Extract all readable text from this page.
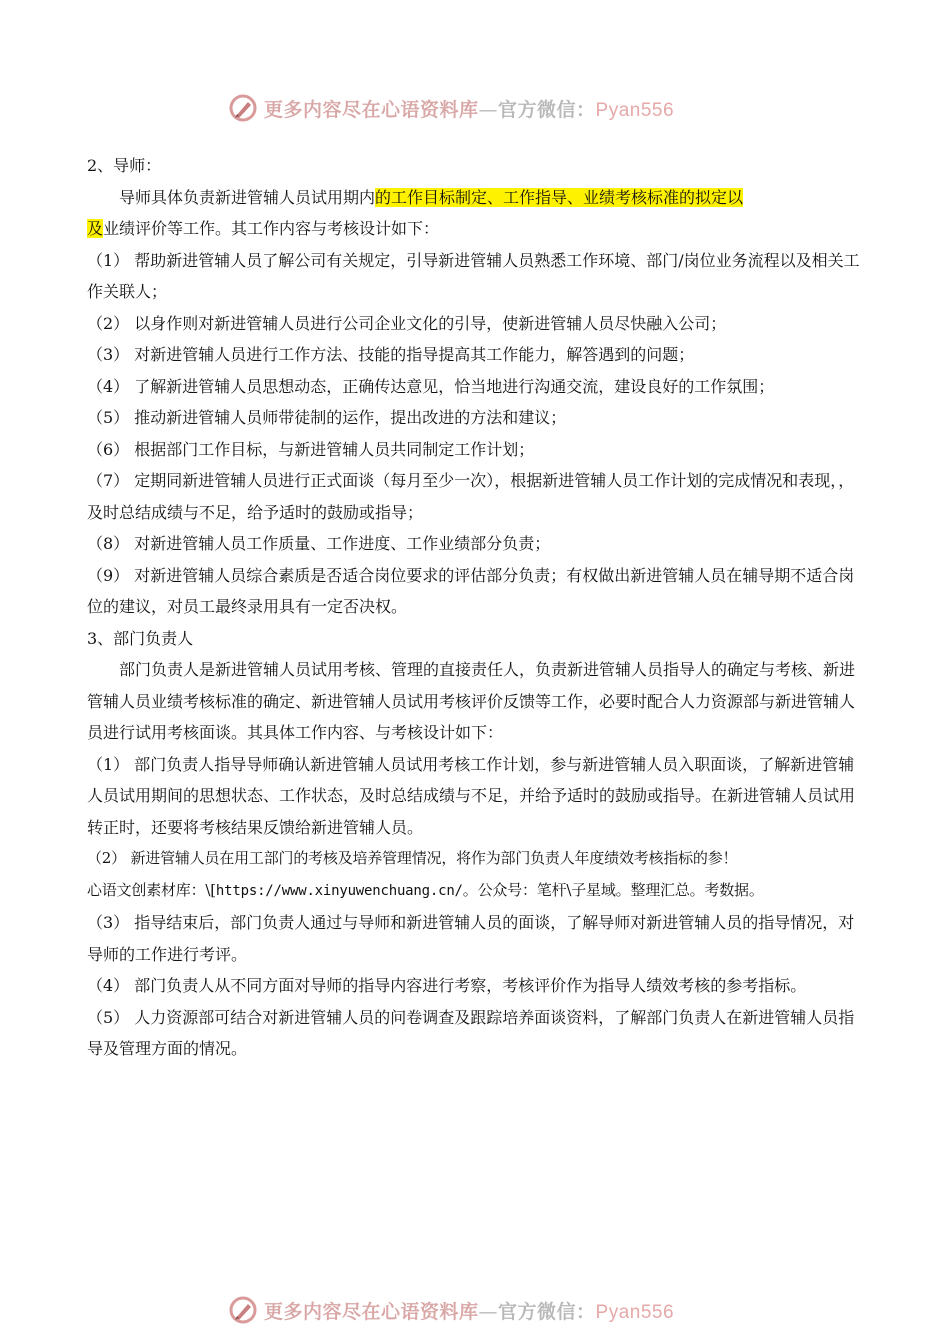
更多内容尽在心语资料库—官方微信：Pyan556

2、导师：

导师具体负责新进管辅人员试用期内的工作目标制定、工作指导、业绩考核标准的拟定以
及业绩评价等工作。其工作内容与考核设计如下：

（1） 帮助新进管辅人员了解公司有关规定，引导新进管辅人员熟悉工作环境、部门/岗位业务流程以及相关工作关联人；

（2） 以身作则对新进管辅人员进行公司企业文化的引导，使新进管辅人员尽快融入公司；

（3） 对新进管辅人员进行工作方法、技能的指导提高其工作能力，解答遇到的问题；

（4） 了解新进管辅人员思想动态，正确传达意见，恰当地进行沟通交流，建设良好的工作氛围；

（5） 推动新进管辅人员师带徒制的运作，提出改进的方法和建议；

（6） 根据部门工作目标，与新进管辅人员共同制定工作计划；

（7） 定期同新进管辅人员进行正式面谈（每月至少一次），根据新进管辅人员工作计划的完成情况和表现，，及时总结成绩与不足，给予适时的鼓励或指导；

（8） 对新进管辅人员工作质量、工作进度、工作业绩部分负责；

（9） 对新进管辅人员综合素质是否适合岗位要求的评估部分负责；有权做出新进管辅人员在辅导期不适合岗位的建议，对员工最终录用具有一定否决权。

3、部门负责人

部门负责人是新进管辅人员试用考核、管理的直接责任人，负责新进管辅人员指导人的确定与考核、新进管辅人员业绩考核标准的确定、新进管辅人员试用考核评价反馈等工作，必要时配合人力资源部与新进管辅人员进行试用考核面谈。其具体工作内容、与考核设计如下：

（1） 部门负责人指导导师确认新进管辅人员试用考核工作计划，参与新进管辅人员入职面谈，了解新进管辅人员试用期间的思想状态、工作状态，及时总结成绩与不足，并给予适时的鼓励或指导。在新进管辅人员试用转正时，还要将考核结果反馈给新进管辅人员。

（2） 新进管辅人员在用工部门的考核及培养管理情况，将作为部门负责人年度绩效考核指标的参！

心语文创素材库：\[https://www.xinyuwenchuang.cn/。公众号：笔杆\子星域。整理汇总。考数据。

（3） 指导结束后，部门负责人通过与导师和新进管辅人员的面谈，了解导师对新进管辅人员的指导情况，对导师的工作进行考评。

（4） 部门负责人从不同方面对导师的指导内容进行考察，考核评价作为指导人绩效考核的参考指标。

（5） 人力资源部可结合对新进管辅人员的问卷调查及跟踪培养面谈资料，了解部门负责人在新进管辅人员指导及管理方面的情况。

更多内容尽在心语资料库—官方微信：Pyan556
